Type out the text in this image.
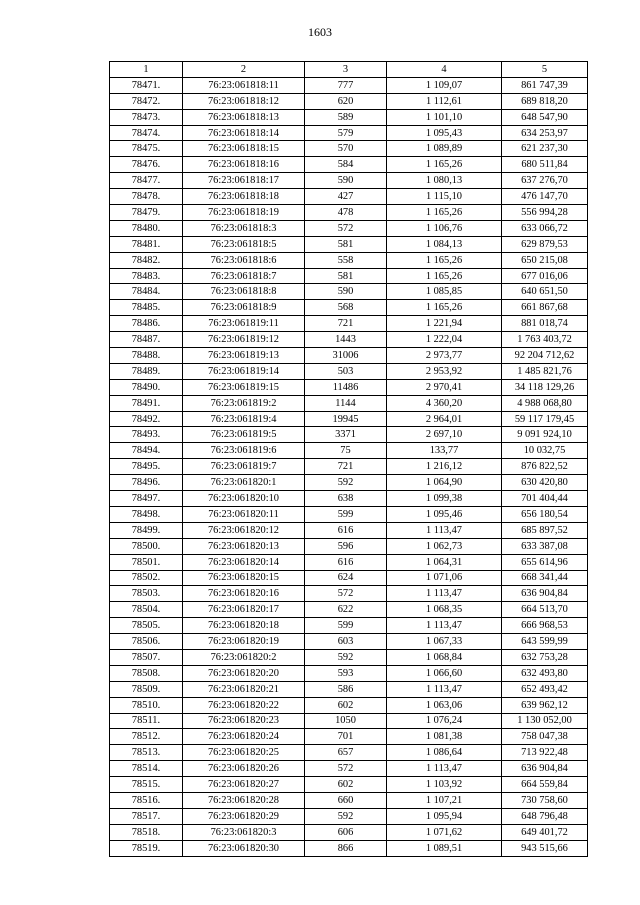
1603
1	2	3	4	5
78471.	76:23:061818:11	777	1 109,07	861 747,39
78472.	76:23:061818:12	620	1 112,61	689 818,20
78473.	76:23:061818:13	589	1 101,10	648 547,90
78474.	76:23:061818:14	579	1 095,43	634 253,97
78475.	76:23:061818:15	570	1 089,89	621 237,30
78476.	76:23:061818:16	584	1 165,26	680 511,84
78477.	76:23:061818:17	590	1 080,13	637 276,70
78478.	76:23:061818:18	427	1 115,10	476 147,70
78479.	76:23:061818:19	478	1 165,26	556 994,28
78480.	76:23:061818:3	572	1 106,76	633 066,72
78481.	76:23:061818:5	581	1 084,13	629 879,53
78482.	76:23:061818:6	558	1 165,26	650 215,08
78483.	76:23:061818:7	581	1 165,26	677 016,06
78484.	76:23:061818:8	590	1 085,85	640 651,50
78485.	76:23:061818:9	568	1 165,26	661 867,68
78486.	76:23:061819:11	721	1 221,94	881 018,74
78487.	76:23:061819:12	1443	1 222,04	1 763 403,72
78488.	76:23:061819:13	31006	2 973,77	92 204 712,62
78489.	76:23:061819:14	503	2 953,92	1 485 821,76
78490.	76:23:061819:15	11486	2 970,41	34 118 129,26
78491.	76:23:061819:2	1144	4 360,20	4 988 068,80
78492.	76:23:061819:4	19945	2 964,01	59 117 179,45
78493.	76:23:061819:5	3371	2 697,10	9 091 924,10
78494.	76:23:061819:6	75	133,77	10 032,75
78495.	76:23:061819:7	721	1 216,12	876 822,52
78496.	76:23:061820:1	592	1 064,90	630 420,80
78497.	76:23:061820:10	638	1 099,38	701 404,44
78498.	76:23:061820:11	599	1 095,46	656 180,54
78499.	76:23:061820:12	616	1 113,47	685 897,52
78500.	76:23:061820:13	596	1 062,73	633 387,08
78501.	76:23:061820:14	616	1 064,31	655 614,96
78502.	76:23:061820:15	624	1 071,06	668 341,44
78503.	76:23:061820:16	572	1 113,47	636 904,84
78504.	76:23:061820:17	622	1 068,35	664 513,70
78505.	76:23:061820:18	599	1 113,47	666 968,53
78506.	76:23:061820:19	603	1 067,33	643 599,99
78507.	76:23:061820:2	592	1 068,84	632 753,28
78508.	76:23:061820:20	593	1 066,60	632 493,80
78509.	76:23:061820:21	586	1 113,47	652 493,42
78510.	76:23:061820:22	602	1 063,06	639 962,12
78511.	76:23:061820:23	1050	1 076,24	1 130 052,00
78512.	76:23:061820:24	701	1 081,38	758 047,38
78513.	76:23:061820:25	657	1 086,64	713 922,48
78514.	76:23:061820:26	572	1 113,47	636 904,84
78515.	76:23:061820:27	602	1 103,92	664 559,84
78516.	76:23:061820:28	660	1 107,21	730 758,60
78517.	76:23:061820:29	592	1 095,94	648 796,48
78518.	76:23:061820:3	606	1 071,62	649 401,72
78519.	76:23:061820:30	866	1 089,51	943 515,66
